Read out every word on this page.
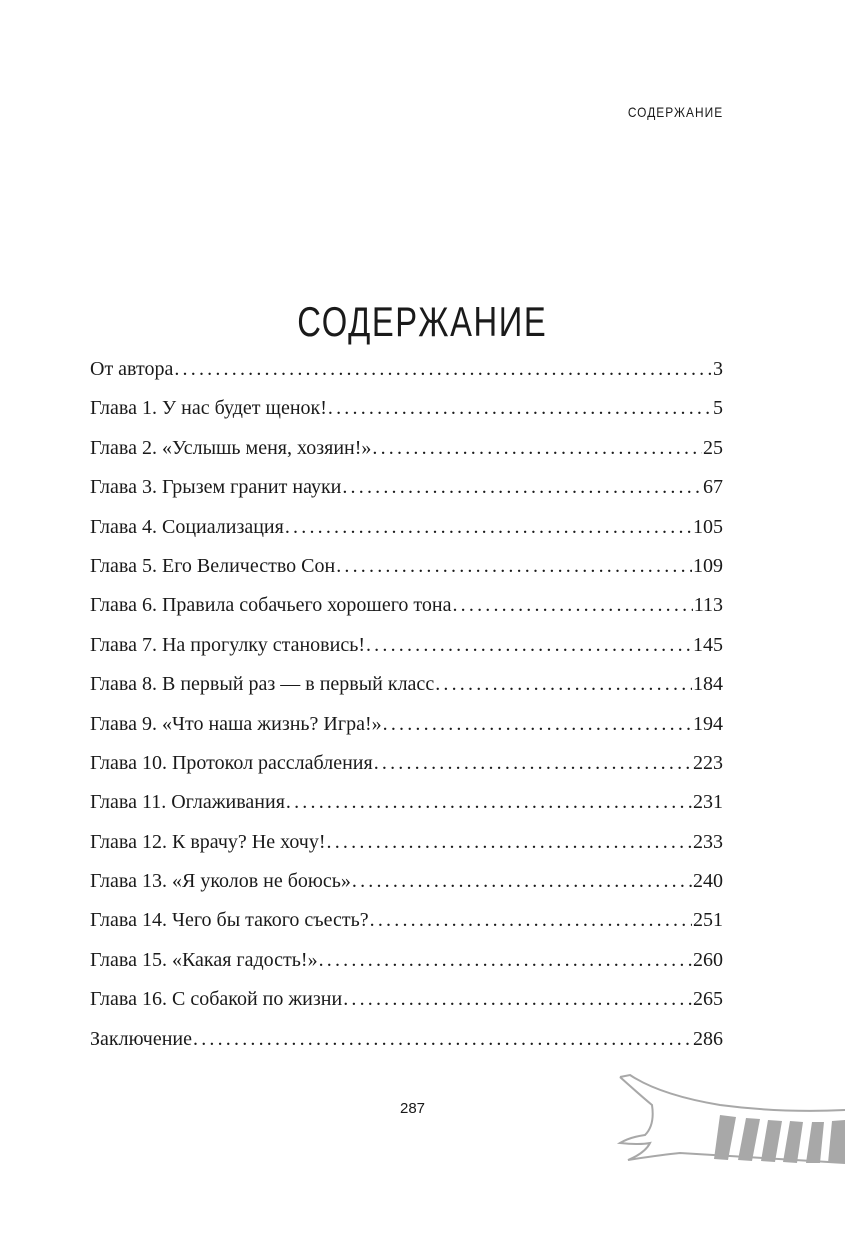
СОДЕРЖАНИЕ
СОДЕРЖАНИЕ
От автора .....	3
Глава 1. У нас будет щенок! .....	5
Глава 2. «Услышь меня, хозяин!» .....	25
Глава 3. Грызем гранит науки .....	67
Глава 4. Социализация .....	105
Глава 5. Его Величество Сон .....	109
Глава 6. Правила собачьего хорошего тона .....	113
Глава 7. На прогулку становись! .....	145
Глава 8. В первый раз — в первый класс .....	184
Глава 9. «Что наша жизнь? Игра!» .....	194
Глава 10. Протокол расслабления .....	223
Глава 11. Оглаживания .....	231
Глава 12. К врачу? Не хочу! .....	233
Глава 13. «Я уколов не боюсь» .....	240
Глава 14. Чего бы такого съесть? .....	251
Глава 15. «Какая гадость!» .....	260
Глава 16. С собакой по жизни .....	265
Заключение .....	286
287
